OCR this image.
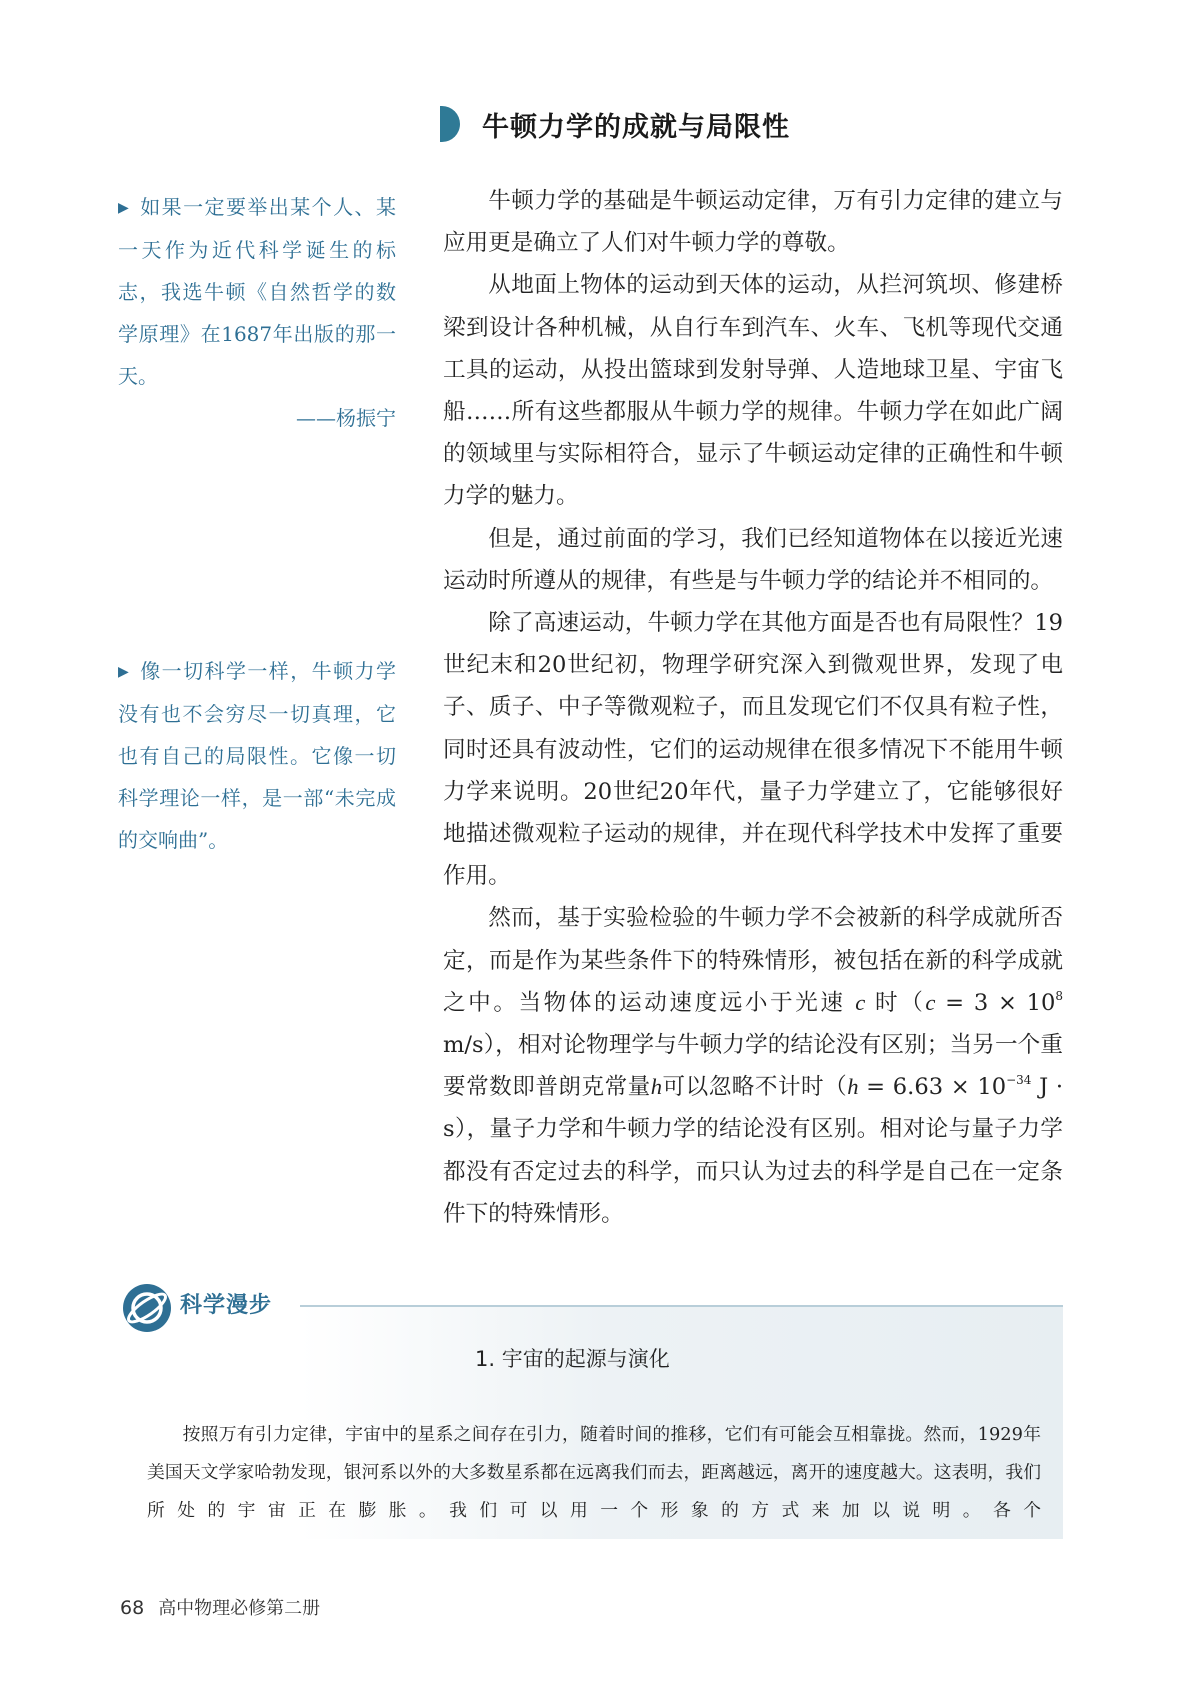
牛顿力学的成就与局限性
▶ 如果一定要举出某个人、某一天作为近代科学诞生的标志，我选牛顿《自然哲学的数学原理》在1687年出版的那一天。
——杨振宁
▶ 像一切科学一样，牛顿力学没有也不会穷尽一切真理，它也有自己的局限性。它像一切科学理论一样，是一部“未完成的交响曲”。

牛顿力学的基础是牛顿运动定律，万有引力定律的建立与应用更是确立了人们对牛顿力学的尊敬。

从地面上物体的运动到天体的运动，从拦河筑坝、修建桥梁到设计各种机械，从自行车到汽车、火车、飞机等现代交通工具的运动，从投出篮球到发射导弹、人造地球卫星、宇宙飞船……所有这些都服从牛顿力学的规律。牛顿力学在如此广阔的领域里与实际相符合，显示了牛顿运动定律的正确性和牛顿力学的魅力。

但是，通过前面的学习，我们已经知道物体在以接近光速运动时所遵从的规律，有些是与牛顿力学的结论并不相同的。

除了高速运动，牛顿力学在其他方面是否也有局限性？19世纪末和20世纪初，物理学研究深入到微观世界，发现了电子、质子、中子等微观粒子，而且发现它们不仅具有粒子性，同时还具有波动性，它们的运动规律在很多情况下不能用牛顿力学来说明。20世纪20年代，量子力学建立了，它能够很好地描述微观粒子运动的规律，并在现代科学技术中发挥了重要作用。

然而，基于实验检验的牛顿力学不会被新的科学成就所否定，而是作为某些条件下的特殊情形，被包括在新的科学成就之中。当物体的运动速度远小于光速 c 时（$c = 3 \times 10^8$ m/s），相对论物理学与牛顿力学的结论没有区别；当另一个重要常数即普朗克常量h可以忽略不计时（$h = 6.63 \times 10^{-34}$ J · s），量子力学和牛顿力学的结论没有区别。相对论与量子力学都没有否定过去的科学，而只认为过去的科学是自己在一定条件下的特殊情形。

科学漫步
1. 宇宙的起源与演化

按照万有引力定律，宇宙中的星系之间存在引力，随着时间的推移，它们有可能会互相靠拢。然而，1929年美国天文学家哈勃发现，银河系以外的大多数星系都在远离我们而去，距离越远，离开的速度越大。这表明，我们所处的宇宙正在膨胀。我们可以用一个形象的方式来加以说明。各个

68 高中物理必修第二册
